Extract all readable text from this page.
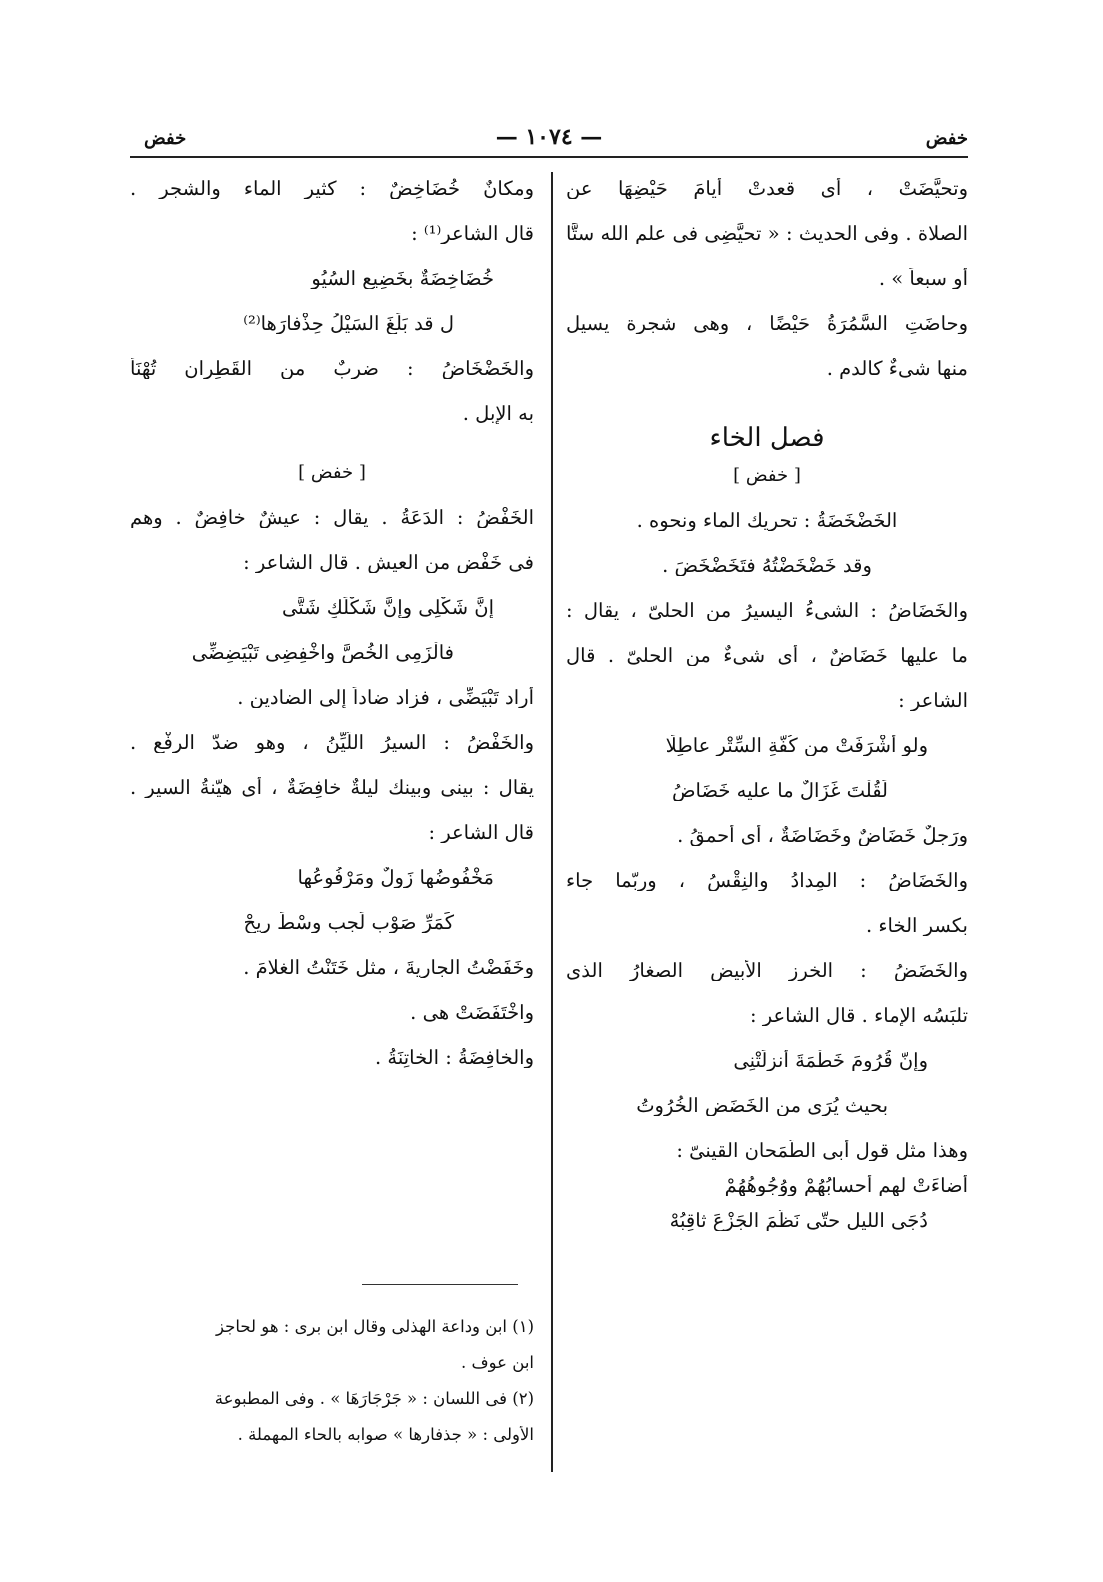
خفض
— ١٠٧٤ —
خفض
وتحيَّضَتْ ، أى قعدتْ أيامَ حَيْضِهَا عن
الصلاة . وفى الحديث : « تحيَّضِى فى علم الله ستًّا
أو سبعاً » .
وحاضَتِ السَّمُرَةُ حَيْضًا ، وهى شجرة يسيل
منها شىءٌ كالدم .
فصل الخاء
[ خفض ]
الخَضْخَضَةُ : تحريك الماء ونحوه .
وقد خَضْخَضْتُهُ فتَخَضْخَضَ .
والخَضَاضُ : الشىءُ اليسيرُ من الحلىّ ، يقال :
ما عليها خَضَاضٌ ، أى شىءٌ من الحلىّ . قال
الشاعر :
ولو أشْرَفَتْ من كُفَّةِ السِّتْرِ عاطِلًا
لَقُلْتَ غَزَالٌ ما عليه خَضَاضُ
ورَجلٌ خَضَاضٌ وخَضَاضَةٌ ، أى أحمقُ .
والخَضَاضُ : المِدادُ والنِقْسُ ، وربّما جاء
بكسر الخاء .
والخَضَضُ : الخرز الأبيض الصغارُ الذى
تلبَسُه الإماء . قال الشاعر :
وإنّ قُرُومَ خَطْمَةَ أنزلَتْنِى
بحيث يُرَى من الخَضَضِ الخُرُوتُ
وهذا مثل قول أبى الطَّمَحان القينىّ :
أضاءَتْ لهم أحسابُهُمْ ووُجُوهُهُمْ
دُجَى الليلِ حتّى نَظَّمَ الجَزْعَ ثاقِبُهْ
ومكانٌ خُضَاخِضٌ : كثير الماء والشجر .
قال الشاعر⁽¹⁾ :
خُضَاخِضَةٌ بخَضِيعِ السُيُو
لِ قد بَلَغَ السَيْلُ حِذْفارَها⁽²⁾
والخَضْخَاضُ : ضربٌ من القَطِران تُهْنَأُ
به الإبل .
[ خفض ]
الخَفْضُ : الدَعَةُ . يقال : عيشٌ خافِضٌ . وهم
فى خَفْضٍ من العيش . قال الشاعر :
إنَّ شَكْلِى وإنَّ شَكْلَكِ شَتَّى
فالْزَمِى الخُصَّ واخْفِضِى تَبْيَضِضِّى
أراد تَبْيَضِّى ، فزاد ضاداً إلى الضادين .
والخَفْضُ : السيرُ اللّيِّنُ ، وهو ضدّ الرفْع .
يقال : بينى وبينك ليلةٌ خافِضَةٌ ، أى هيّنةُ السير .
قال الشاعر :
مَخْفُوضُها زَولٌ ومَرْفُوعُها
كَمَرِّ صَوْبٍ لَجِبٍ وسْطَ رِيحْ
وخَفَضْتُ الجاريةَ ، مثل خَتَنْتُ الغلامَ .
واخْتَفَضَتْ هى .
والخافِضَةُ : الخاتِنَةُ .
(١) ابن وداعة الهذلى وقال ابن برى : هو لحاجز
ابن عوف .
(٢) فى اللسان : « جَرْجَارَهَا » . وفى المطبوعة
الأولى : « جذفارها » صوابه بالحاء المهملة .
